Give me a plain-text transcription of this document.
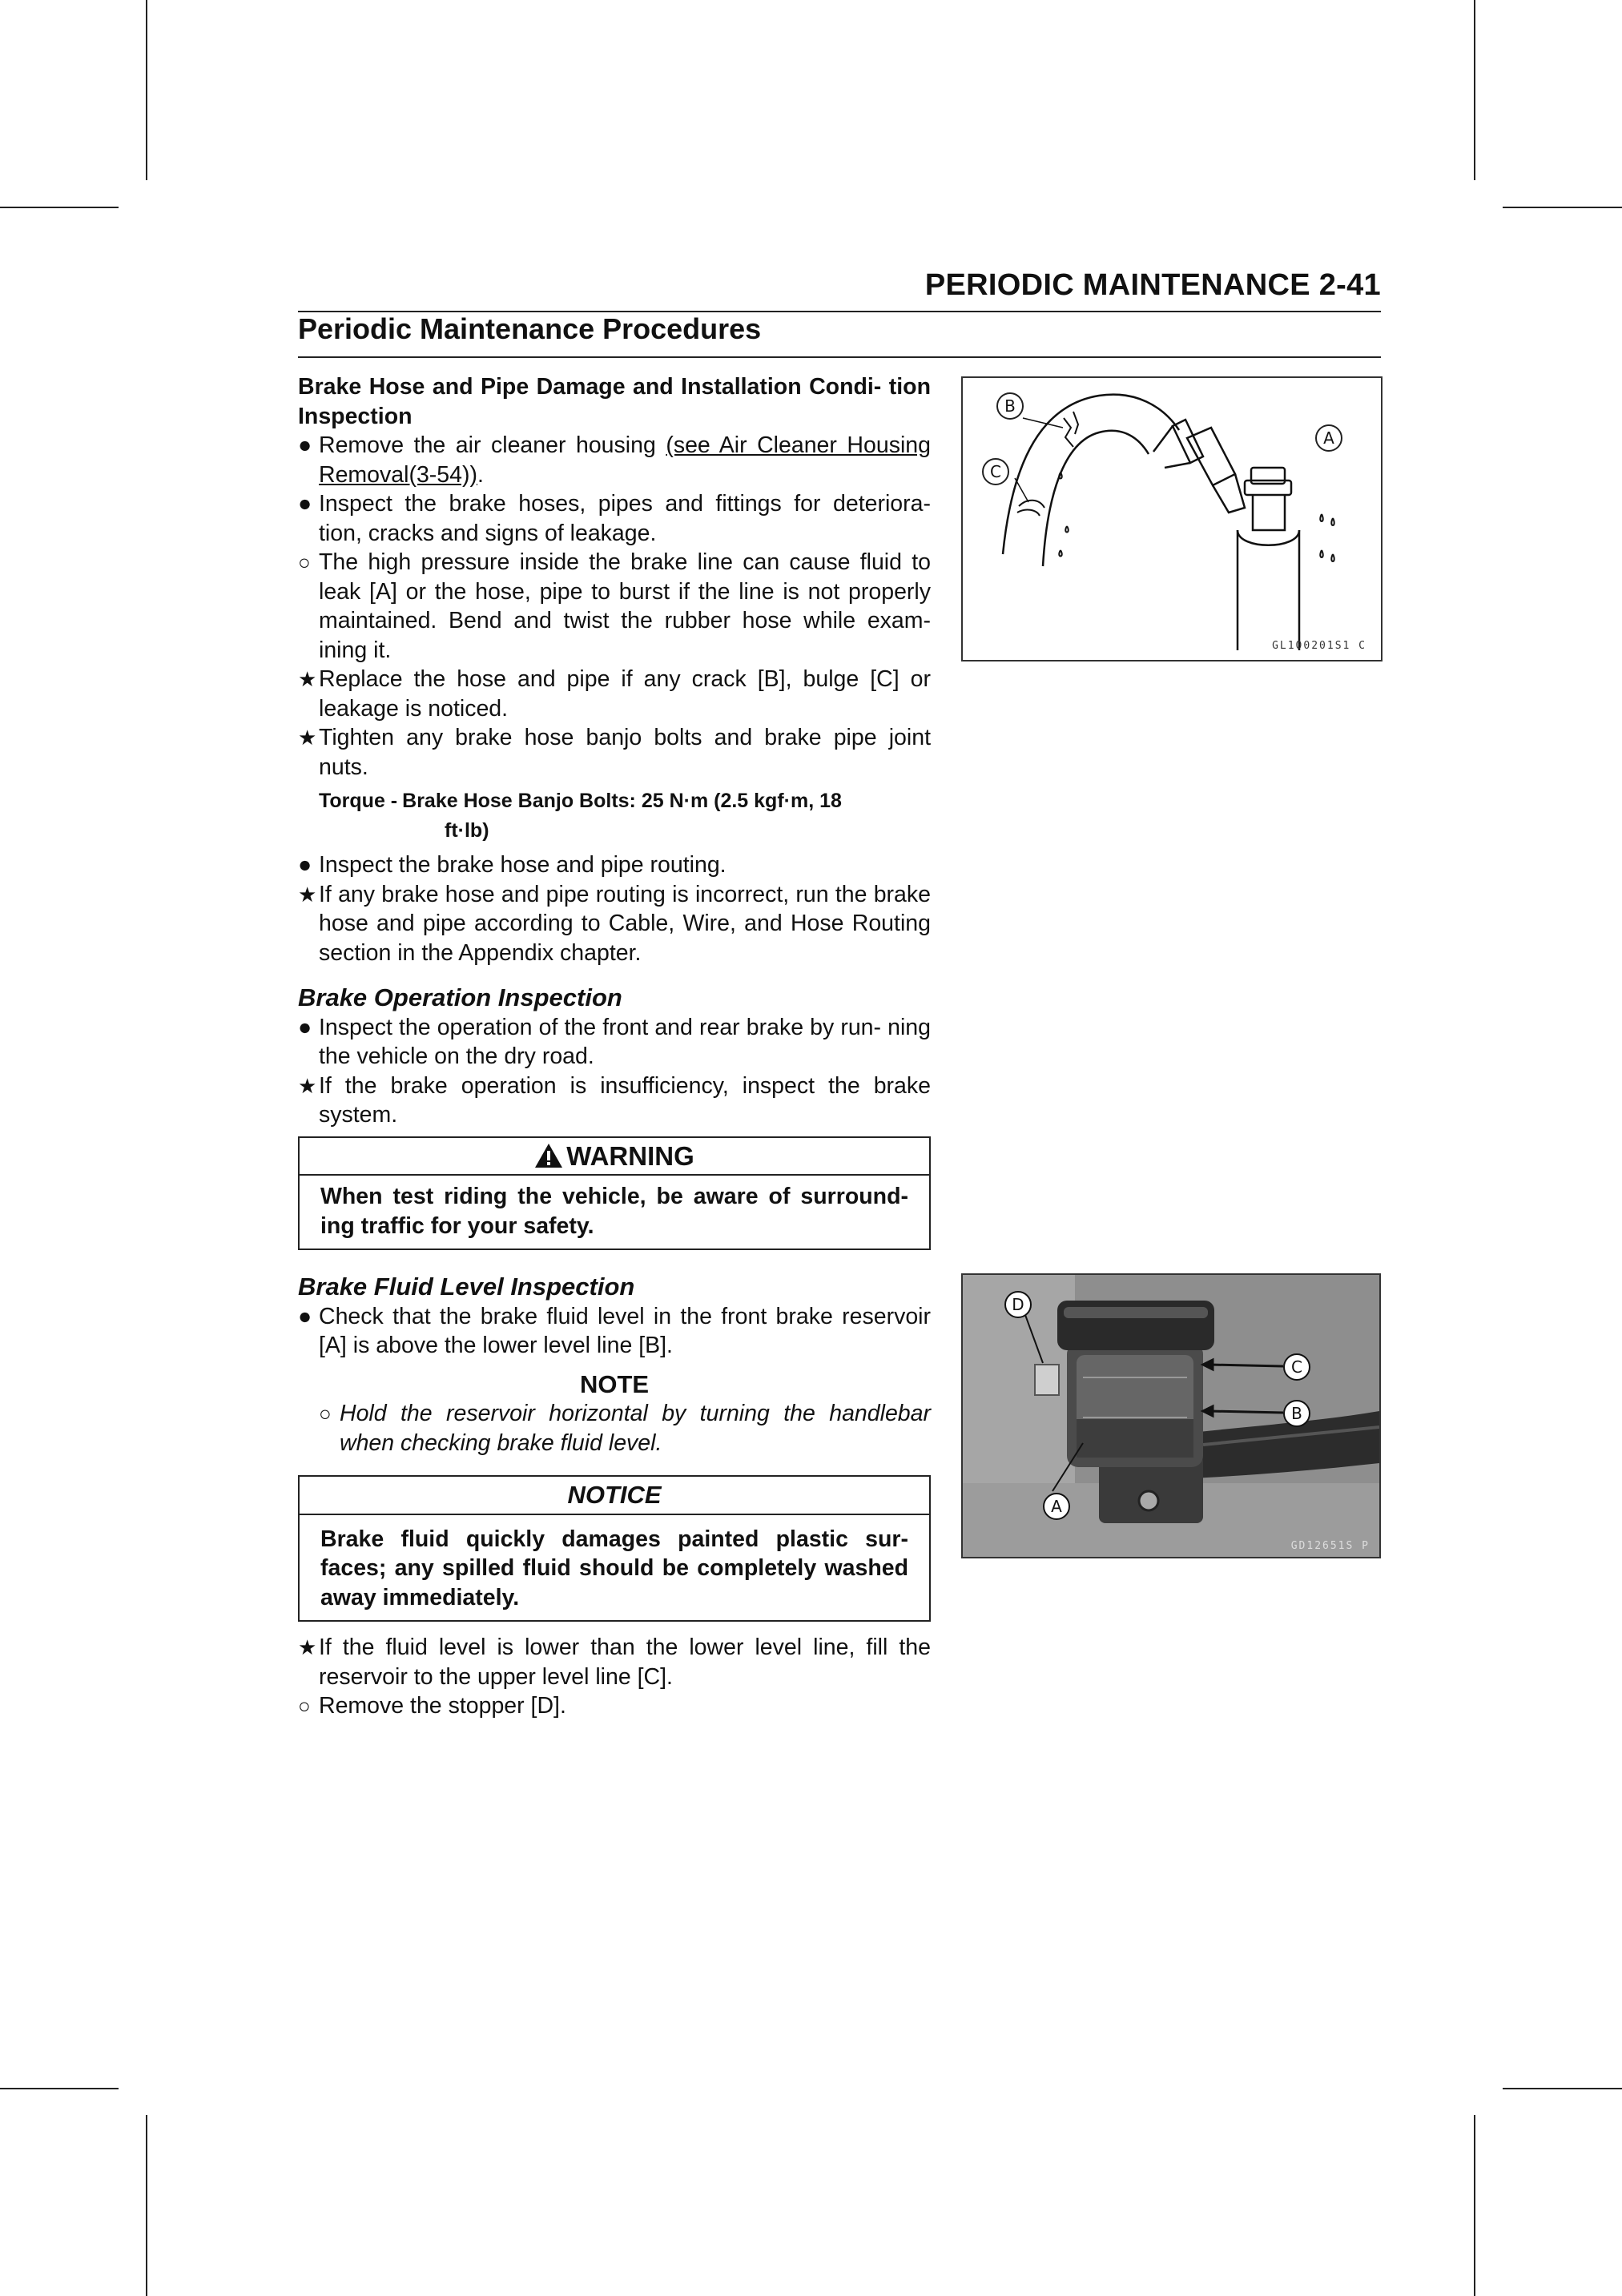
PERIODIC MAINTENANCE 2-41
Periodic Maintenance Procedures

Brake Hose and Pipe Damage and Installation Condi- tion Inspection

● Remove the air cleaner housing (see Air Cleaner Housing Removal(3-54)).

● Inspect the brake hoses, pipes and fittings for deteriora- tion, cracks and signs of leakage.

○ The high pressure inside the brake line can cause fluid to leak [A] or the hose, pipe to burst if the line is not properly maintained. Bend and twist the rubber hose while exam- ining it.

★ Replace the hose and pipe if any crack [B], bulge [C] or leakage is noticed.

★ Tighten any brake hose banjo bolts and brake pipe joint nuts.

Torque - Brake Hose Banjo Bolts: 25 N·m (2.5 kgf·m, 18
ft·lb)

● Inspect the brake hose and pipe routing.

★ If any brake hose and pipe routing is incorrect, run the brake hose and pipe according to Cable, Wire, and Hose Routing section in the Appendix chapter.

Brake Operation Inspection

● Inspect the operation of the front and rear brake by run- ning the vehicle on the dry road.

★ If the brake operation is insufficiency, inspect the brake system.

WARNING
When test riding the vehicle, be aware of surround- ing traffic for your safety.

Brake Fluid Level Inspection

● Check that the brake fluid level in the front brake reservoir [A] is above the lower level line [B].

NOTE

○ Hold the reservoir horizontal by turning the handlebar when checking brake fluid level.

NOTICE
Brake fluid quickly damages painted plastic sur- faces; any spilled fluid should be completely washed away immediately.

★ If the fluid level is lower than the lower level line, fill the reservoir to the upper level line [C].

○ Remove the stopper [D].

A
B
C
GL100201S1 C
GD12651S P
A
B
C
D
